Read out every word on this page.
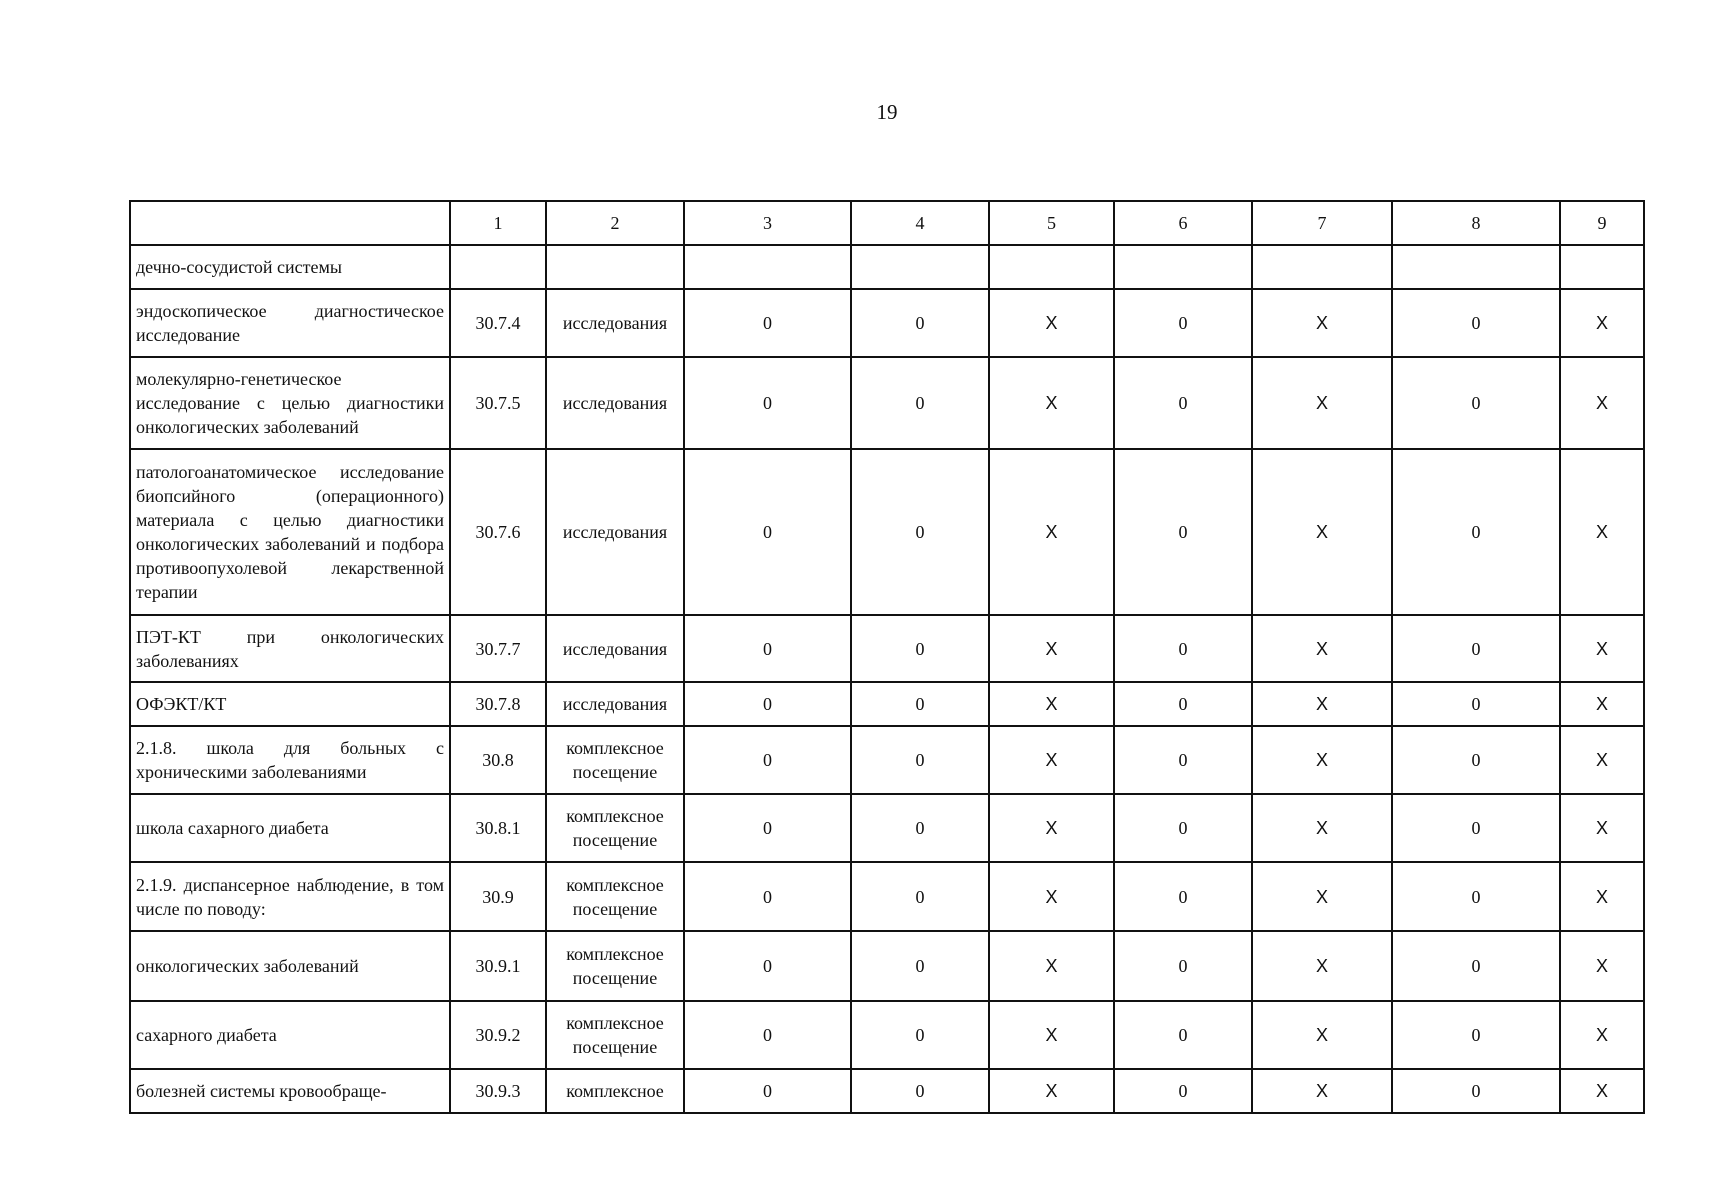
19
	1	2	3	4	5	6	7	8	9
дечно-сосудистой системы									
эндоскопическое диагностическое исследование	30.7.4	исследования	0	0	X	0	X	0	X
молекулярно-генетическое исследование с целью диагностики онкологических заболеваний	30.7.5	исследования	0	0	X	0	X	0	X
патологоанатомическое исследование биопсийного (операционного) материала с целью диагностики онкологических заболеваний и подбора противоопухолевой лекарственной терапии	30.7.6	исследования	0	0	X	0	X	0	X
ПЭТ-КТ при онкологических заболеваниях	30.7.7	исследования	0	0	X	0	X	0	X
ОФЭКТ/КТ	30.7.8	исследования	0	0	X	0	X	0	X
2.1.8. школа для больных с хроническими заболеваниями	30.8	комплексное посещение	0	0	X	0	X	0	X
школа сахарного диабета	30.8.1	комплексное посещение	0	0	X	0	X	0	X
2.1.9. диспансерное наблюдение, в том числе по поводу:	30.9	комплексное посещение	0	0	X	0	X	0	X
онкологических заболеваний	30.9.1	комплексное посещение	0	0	X	0	X	0	X
сахарного диабета	30.9.2	комплексное посещение	0	0	X	0	X	0	X
болезней системы кровообраще-	30.9.3	комплексное	0	0	X	0	X	0	X
